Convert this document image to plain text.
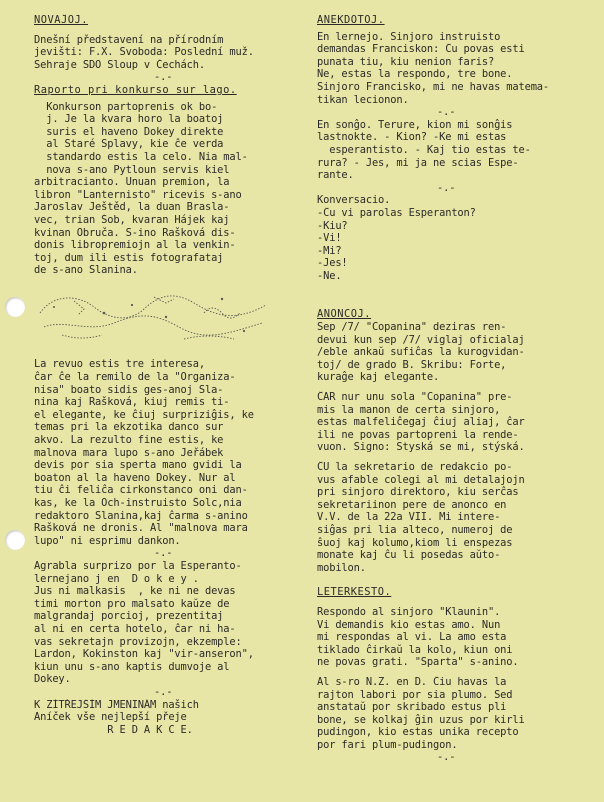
NOVAĴOJ.
Dnešní představení na přírodním
jevišti: F.X. Svoboda: Poslední muž.
Sehraje SDO Sloup v Čechách.
-.-
Raporto pri konkurso sur lago.
Konkurson partoprenis ok bo-
j. Je la kvara horo la boatoj
suris el haveno Dokey direkte
al Staré Splavy, kie ĉe verda
standardo estis la celo. Nia mal-
nova s-ano Pytloun servis kiel
arbitracianto. Unuan premion, la
libron "Lanternisto" ricevis s-ano
Jaroslav Ještěd, la duan Brasla-
vec, trian Šob, kvaran Hájek kaj
kvinan Obruča. S-ino Rašková dis-
donis libropremiojn al la venkin-
toj, dum ili estis fotografataj
de s-ano Slanina.
La revuo estis tre interesa,
ĉar ĉe la remilo de la "Organiza-
nisa" boato sidis ges-anoj Sla-
nina kaj Rašková, kiuj remis ti-
el elegante, ke ĉiuj surpriziĝis, ke
temas pri la ekzotika danco sur
akvo. La rezulto fine estis, ke
malnova mara lupo s-ano Jeřábek
devis por sia sperta mano gvidi la
boaton al la haveno Dokey. Nur al
tiu ĉi feliĉa cirkonstanco oni dan-
kas, ke la Och-instruisto Šolc,nia
redaktoro Slanina,kaj ĉarma s-anino
Rašková ne dronis. Al "malnova mara
lupo" ni esprimu dankon.
-.-
Agrabla surprizo por la Esperanto-
lernejano j en  D o k e y .
Jus ni malkasis  , ke ni ne devas
timi morton pro malsato kaŭze de
malgrandaj porcioj, prezentitaj
al ni en certa hotelo, ĉar ni ha-
vas sekretajn provizojn, ekzemple:
Lardon, Kokinston kaj "vir-anseron",
kiun unu s-ano kaptis dumvoje al
Dokey.
-.-
K ZÍTŘEJŠÍM JMENINÁM našich
Aníček vše nejlepší přeje
R E D A K C E.
ANEKDOTOJ.
En lernejo. Sinjoro instruisto
demandas Franciskon: Ĉu povas esti
punata tiu, kiu nenion faris?
Ne, estas la respondo, tre bone.
Sinjoro Francisko, mi ne havas matema-
tikan lecionon.
-.-
En sonĝo. Terure, kion mi sonĝis
lastnokte. - Kion? -Ke mi estas
esperantisto. - Kaj tio estas te-
rura? - Jes, mi ja ne scias Espe-
rante.
-.-
Konversacio.
-Ĉu vi parolas Esperanton?
-Kiu?
-Vi!
-Mi?
-Jes!
-Ne.
ANONCOJ.
Sep /7/ "Copanina" deziras ren-
devui kun sep /7/ viglaj oficialaj
/eble ankaŭ sufiĉas la kurogvidan-
toj/ de grado B. Skribu: Forte,
kuraĝe kaj elegante.
ĈAR nur unu sola "Copanina" pre-
mis la manon de certa sinjoro,
estas malfeliĉegaj ĉiuj aliaj, ĉar
ili ne povas partopreni la rende-
vuon. Signo: Styská se mi, stýská.
ĈU la sekretario de redakcio po-
vus afable colegi al mi detalajojn
pri sinjoro direktoro, kiu serĉas
sekretariinon pere de anonco en
V.V. de la 22a VII. Mi intere-
siĝas pri lia alteco, numeroj de
ŝuoj kaj kolumo,kiom li enspezas
monate kaj ĉu li posedas aŭto-
mobilon.
LETERKESTO.
Respondo al sinjoro "Klaunin".
Vi demandis kio estas amo. Nun
mi respondas al vi. La amo esta
tiklado ĉirkaŭ la kolo, kiun oni
ne povas grati. "Sparta" s-anino.
Al s-ro N.Z. en D. Ĉiu havas la
rajton labori por sia plumo. Sed
anstataŭ por skribado estus pli
bone, se kolkaj ĝin uzus por kirli
pudingon, kio estas unika recepto
por fari plum-pudingon.
-.-
